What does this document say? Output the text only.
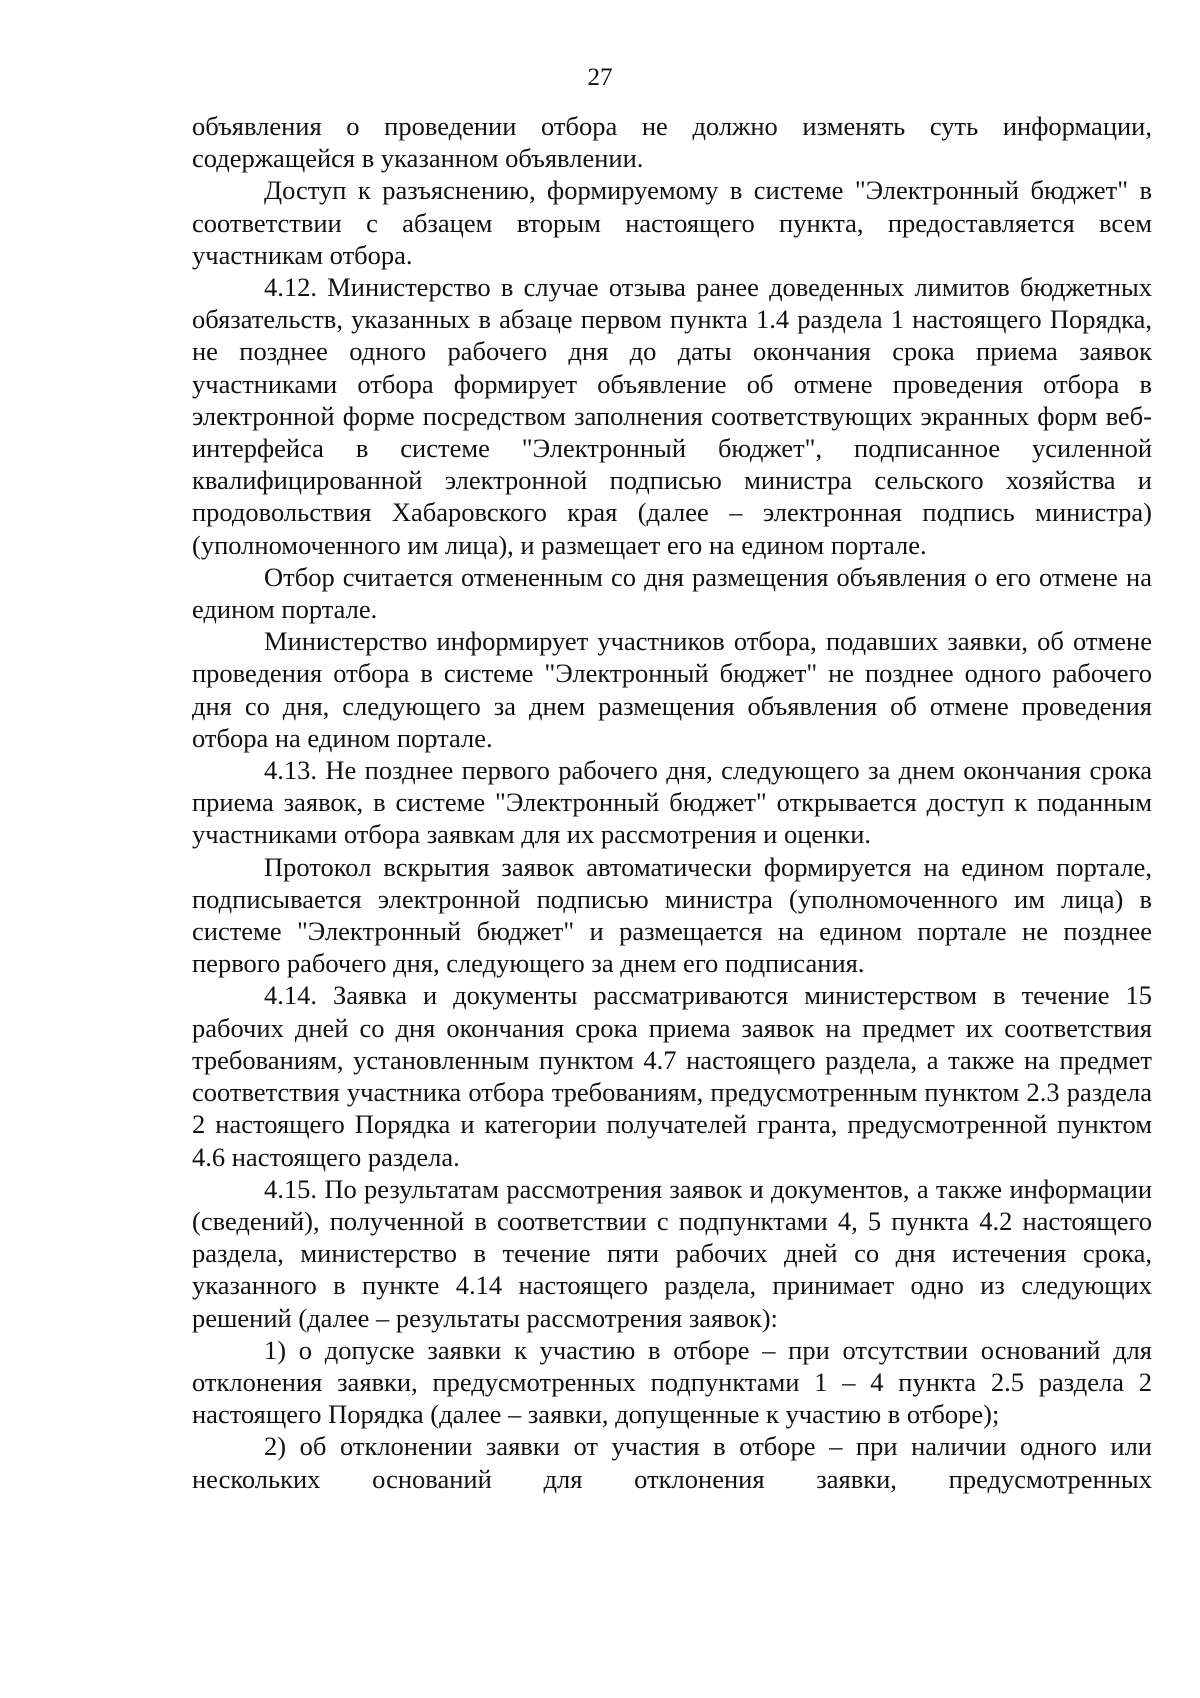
27

объявления о проведении отбора не должно изменять суть информации, содержащейся в указанном объявлении.

Доступ к разъяснению, формируемому в системе "Электронный бюджет" в соответствии с абзацем вторым настоящего пункта, предоставляется всем участникам отбора.

4.12. Министерство в случае отзыва ранее доведенных лимитов бюджетных обязательств, указанных в абзаце первом пункта 1.4 раздела 1 настоящего Порядка, не позднее одного рабочего дня до даты окончания срока приема заявок участниками отбора формирует объявление об отмене проведения отбора в электронной форме посредством заполнения соответствующих экранных форм веб-интерфейса в системе "Электронный бюджет", подписанное усиленной квалифицированной электронной подписью министра сельского хозяйства и продовольствия Хабаровского края (далее – электронная подпись министра) (уполномоченного им лица), и размещает его на едином портале.

Отбор считается отмененным со дня размещения объявления о его отмене на едином портале.

Министерство информирует участников отбора, подавших заявки, об отмене проведения отбора в системе "Электронный бюджет" не позднее одного рабочего дня со дня, следующего за днем размещения объявления об отмене проведения отбора на едином портале.

4.13. Не позднее первого рабочего дня, следующего за днем окончания срока приема заявок, в системе "Электронный бюджет" открывается доступ к поданным участниками отбора заявкам для их рассмотрения и оценки.

Протокол вскрытия заявок автоматически формируется на едином портале, подписывается электронной подписью министра (уполномоченного им лица) в системе "Электронный бюджет" и размещается на едином портале не позднее первого рабочего дня, следующего за днем его подписания.

4.14. Заявка и документы рассматриваются министерством в течение 15 рабочих дней со дня окончания срока приема заявок на предмет их соответствия требованиям, установленным пунктом 4.7 настоящего раздела, а также на предмет соответствия участника отбора требованиям, предусмотренным пунктом 2.3 раздела 2 настоящего Порядка и категории получателей гранта, предусмотренной пунктом 4.6 настоящего раздела.

4.15. По результатам рассмотрения заявок и документов, а также информации (сведений), полученной в соответствии с подпунктами 4, 5 пункта 4.2 настоящего раздела, министерство в течение пяти рабочих дней со дня истечения срока, указанного в пункте 4.14 настоящего раздела, принимает одно из следующих решений (далее – результаты рассмотрения заявок):

1) о допуске заявки к участию в отборе – при отсутствии оснований для отклонения заявки, предусмотренных подпунктами 1 – 4 пункта 2.5 раздела 2 настоящего Порядка (далее – заявки, допущенные к участию в отборе);

2) об отклонении заявки от участия в отборе – при наличии одного или нескольких оснований для отклонения заявки, предусмотренных
